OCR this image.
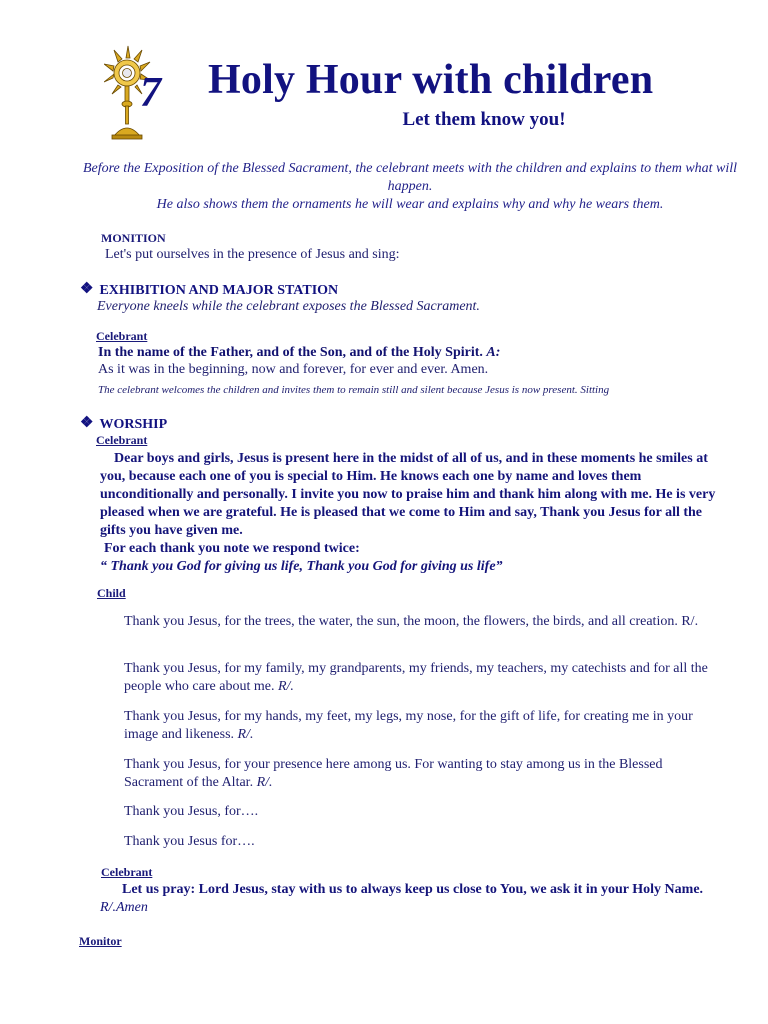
7 Holy Hour with children
Let them know you!
Before the Exposition of the Blessed Sacrament, the celebrant meets with the children and explains to them what will happen.
He also shows them the ornaments he will wear and explains why and why he wears them.
MONITION
Let's put ourselves in the presence of Jesus and sing:
❖ EXHIBITION AND MAJOR STATION
Everyone kneels while the celebrant exposes the Blessed Sacrament.
Celebrant
In the name of the Father, and of the Son, and of the Holy Spirit. A:
As it was in the beginning, now and forever, for ever and ever. Amen.
The celebrant welcomes the children and invites them to remain still and silent because Jesus is now present. Sitting
❖ WORSHIP
Celebrant
Dear boys and girls, Jesus is present here in the midst of all of us, and in these moments he smiles at you, because each one of you is special to Him. He knows each one by name and loves them unconditionally and personally. I invite you now to praise him and thank him along with me. He is very pleased when we are grateful. He is pleased that we come to Him and say, Thank you Jesus for all the gifts you have given me.
For each thank you note we respond twice:
“ Thank you God for giving us life, Thank you God for giving us life”
Child
Thank you Jesus, for the trees, the water, the sun, the moon, the flowers, the birds, and all creation. R/.
Thank you Jesus, for my family, my grandparents, my friends, my teachers, my catechists and for all the people who care about me. R/.
Thank you Jesus, for my hands, my feet, my legs, my nose, for the gift of life, for creating me in your image and likeness. R/.
Thank you Jesus, for your presence here among us. For wanting to stay among us in the Blessed Sacrament of the Altar. R/.
Thank you Jesus, for….
Thank you Jesus for….
Celebrant
Let us pray: Lord Jesus, stay with us to always keep us close to You, we ask it in your Holy Name. R/.Amen
Monitor
